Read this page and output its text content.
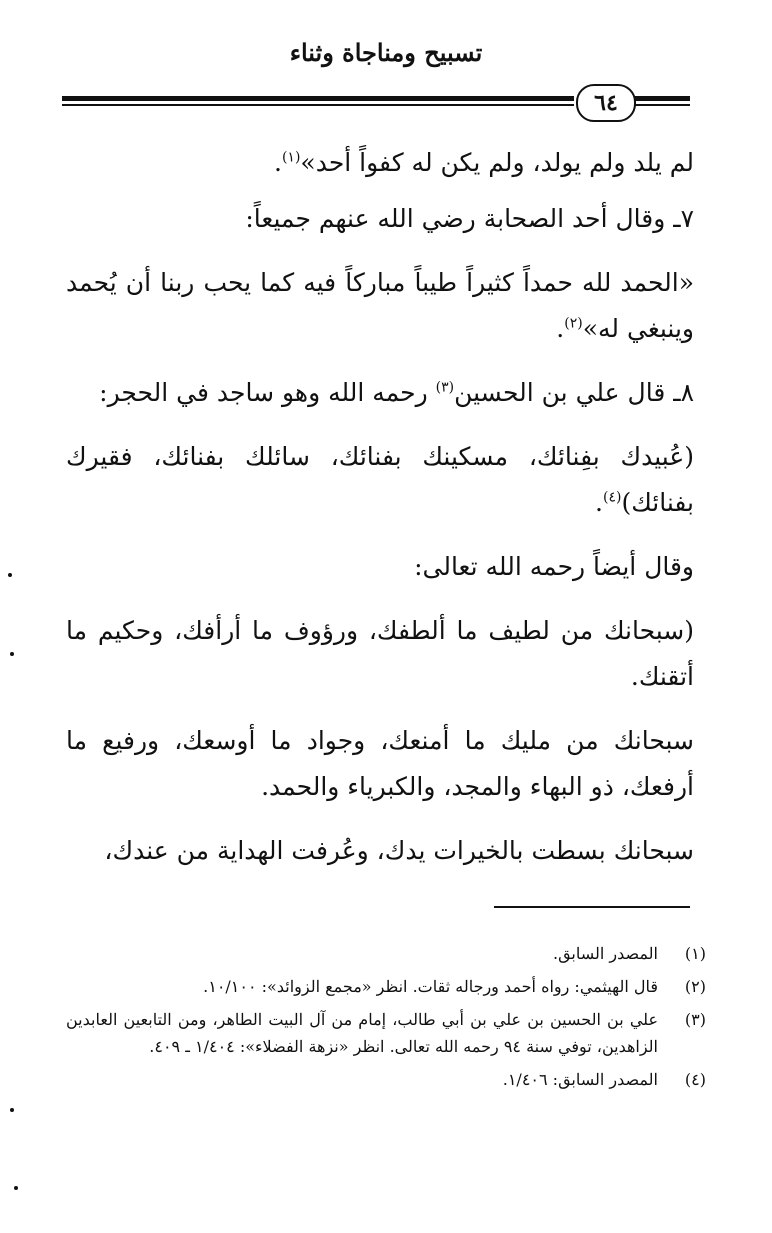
تسبيح ومناجاة وثناء
٦٤

لم يلد ولم يولد، ولم يكن له كفواً أحد»$^{(١)}$.

٧ـ وقال أحد الصحابة رضي الله عنهم جميعاً:

«الحمد لله حمداً كثيراً طيباً مباركاً فيه كما يحب ربنا أن يُحمد وينبغي له»$^{(٢)}$.

٨ـ قال علي بن الحسين$^{(٣)}$ رحمه الله وهو ساجد في الحجر:

(عُبيدك بفِنائك، مسكينك بفنائك، سائلك بفنائك، فقيرك بفنائك)$^{(٤)}$.

وقال أيضاً رحمه الله تعالى:

(سبحانك من لطيف ما ألطفك، ورؤوف ما أرأفك، وحكيم ما أتقنك.

سبحانك من مليك ما أمنعك، وجواد ما أوسعك، ورفيع ما أرفعك، ذو البهاء والمجد، والكبرياء والحمد.

سبحانك بسطت بالخيرات يدك، وعُرفت الهداية من عندك،

(١)
المصدر السابق.
(٢)
قال الهيثمي: رواه أحمد ورجاله ثقات. انظر «مجمع الزوائد»: ١٠/١٠٠.
(٣)
علي بن الحسين بن علي بن أبي طالب، إمام من آل البيت الطاهر، ومن التابعين العابدين الزاهدين، توفي سنة ٩٤ رحمه الله تعالى. انظر «نزهة الفضلاء»: ١/٤٠٤ ـ ٤٠٩.
(٤)
المصدر السابق: ١/٤٠٦.
